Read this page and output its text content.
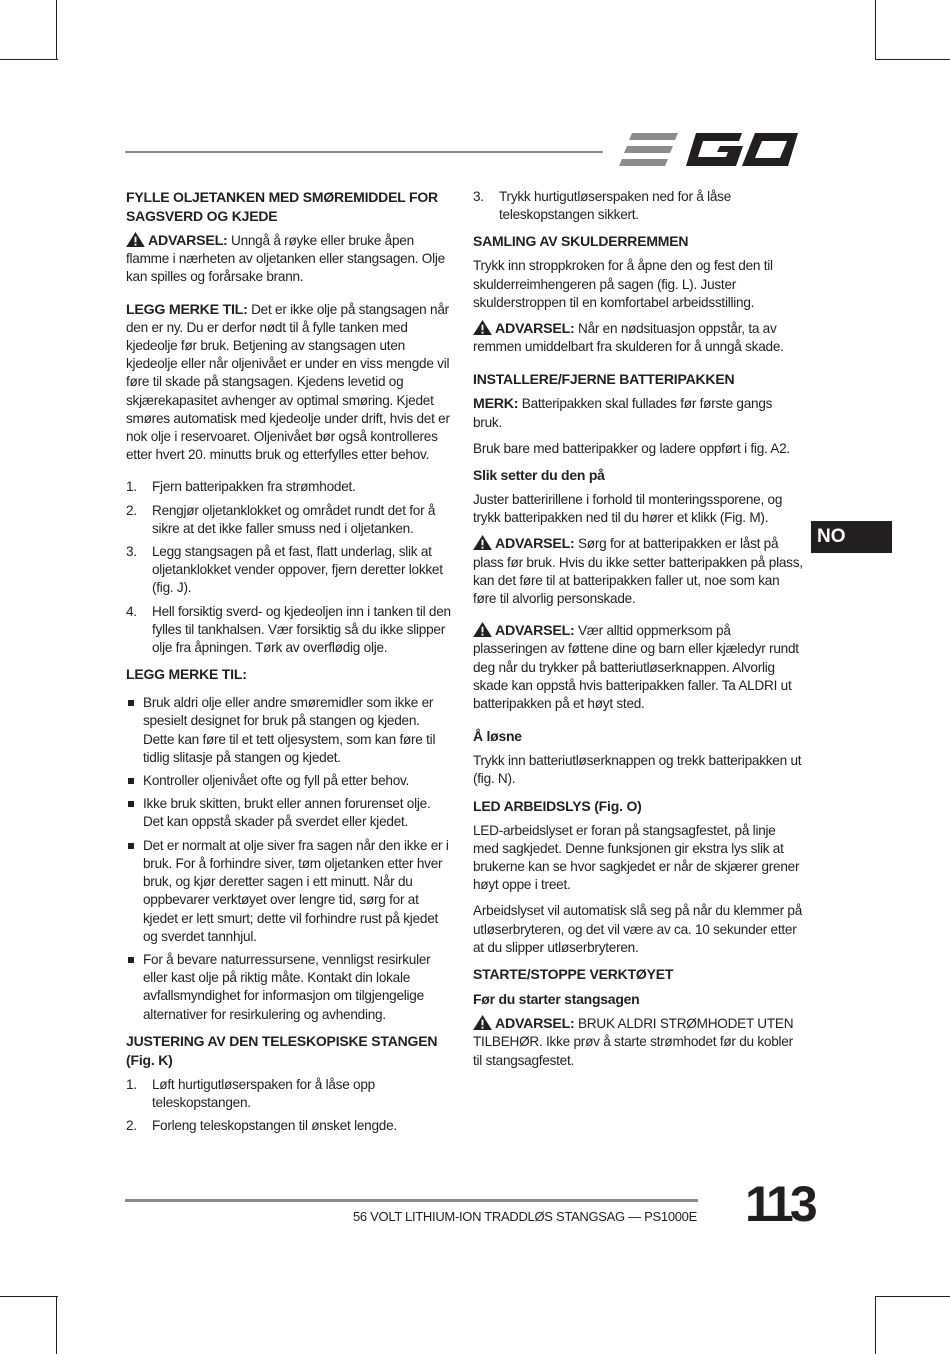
FYLLE OLJETANKEN MED SMØREMIDDEL FOR SAGSVERD OG KJEDE
ADVARSEL: Unngå å røyke eller bruke åpen flamme i nærheten av oljetanken eller stangsagen. Olje kan spilles og forårsake brann.
LEGG MERKE TIL: Det er ikke olje på stangsagen når den er ny. Du er derfor nødt til å fylle tanken med kjedeolje før bruk. Betjening av stangsagen uten kjedeolje eller når oljenivået er under en viss mengde vil føre til skade på stangsagen. Kjedens levetid og skjærekapasitet avhenger av optimal smøring. Kjedet smøres automatisk med kjedeolje under drift, hvis det er nok olje i reservoaret. Oljenivået bør også kontrolleres etter hvert 20. minutts bruk og etterfylles etter behov.
1. Fjern batteripakken fra strømhodet.
2. Rengjør oljetanklokket og området rundt det for å sikre at det ikke faller smuss ned i oljetanken.
3. Legg stangsagen på et fast, flatt underlag, slik at oljetanklokket vender oppover, fjern deretter lokket (fig. J).
4. Hell forsiktig sverd- og kjedeoljen inn i tanken til den fylles til tankhalsen. Vær forsiktig så du ikke slipper olje fra åpningen. Tørk av overflødig olje.
LEGG MERKE TIL:
Bruk aldri olje eller andre smøremidler som ikke er spesielt designet for bruk på stangen og kjeden. Dette kan føre til et tett oljesystem, som kan føre til tidlig slitasje på stangen og kjedet.
Kontroller oljenivået ofte og fyll på etter behov.
Ikke bruk skitten, brukt eller annen forurenset olje. Det kan oppstå skader på sverdet eller kjedet.
Det er normalt at olje siver fra sagen når den ikke er i bruk. For å forhindre siver, tøm oljetanken etter hver bruk, og kjør deretter sagen i ett minutt. Når du oppbevarer verktøyet over lengre tid, sørg for at kjedet er lett smurt; dette vil forhindre rust på kjedet og sverdet tannhjul.
For å bevare naturressursene, vennligst resirkuler eller kast olje på riktig måte. Kontakt din lokale avfallsmyndighet for informasjon om tilgjengelige alternativer for resirkulering og avhending.
JUSTERING AV DEN TELESKOPISKE STANGEN (Fig. K)
1. Løft hurtigutløserspaken for å låse opp teleskopstangen.
2. Forleng teleskopstangen til ønsket lengde.
3. Trykk hurtigutløserspaken ned for å låse teleskopstangen sikkert.
SAMLING AV SKULDERREMMEN
Trykk inn stroppkroken for å åpne den og fest den til skulderreimhengeren på sagen (fig. L). Juster skulderstroppen til en komfortabel arbeidsstilling.
ADVARSEL: Når en nødsituasjon oppstår, ta av remmen umiddelbart fra skulderen for å unngå skade.
INSTALLERE/FJERNE BATTERIPAKKEN
MERK: Batteripakken skal fullades før første gangs bruk.
Bruk bare med batteripakker og ladere oppført i fig. A2.
Slik setter du den på
Juster batteririllene i forhold til monteringssporene, og trykk batteripakken ned til du hører et klikk (Fig. M).
ADVARSEL: Sørg for at batteripakken er låst på plass før bruk. Hvis du ikke setter batteripakken på plass, kan det føre til at batteripakken faller ut, noe som kan føre til alvorlig personskade.
ADVARSEL: Vær alltid oppmerksom på plasseringen av føttene dine og barn eller kjæledyr rundt deg når du trykker på batteriutløserknappen. Alvorlig skade kan oppstå hvis batteripakken faller. Ta ALDRI ut batteripakken på et høyt sted.
Å løsne
Trykk inn batteriutløserknappen og trekk batteripakken ut (fig. N).
LED ARBEIDSLYS (Fig. O)
LED-arbeidslyset er foran på stangsagfestet, på linje med sagkjedet. Denne funksjonen gir ekstra lys slik at brukerne kan se hvor sagkjedet er når de skjærer grener høyt oppe i treet.
Arbeidslyset vil automatisk slå seg på når du klemmer på utløserbryteren, og det vil være av ca. 10 sekunder etter at du slipper utløserbryteren.
STARTE/STOPPE VERKTØYET
Før du starter stangsagen
ADVARSEL: BRUK ALDRI STRØMHODET UTEN TILBEHØR. Ikke prøv å starte strømhodet før du kobler til stangsagfestet.
NO
56 VOLT LITHIUM-ION TRADDLØS STANGSAG — PS1000E 113
